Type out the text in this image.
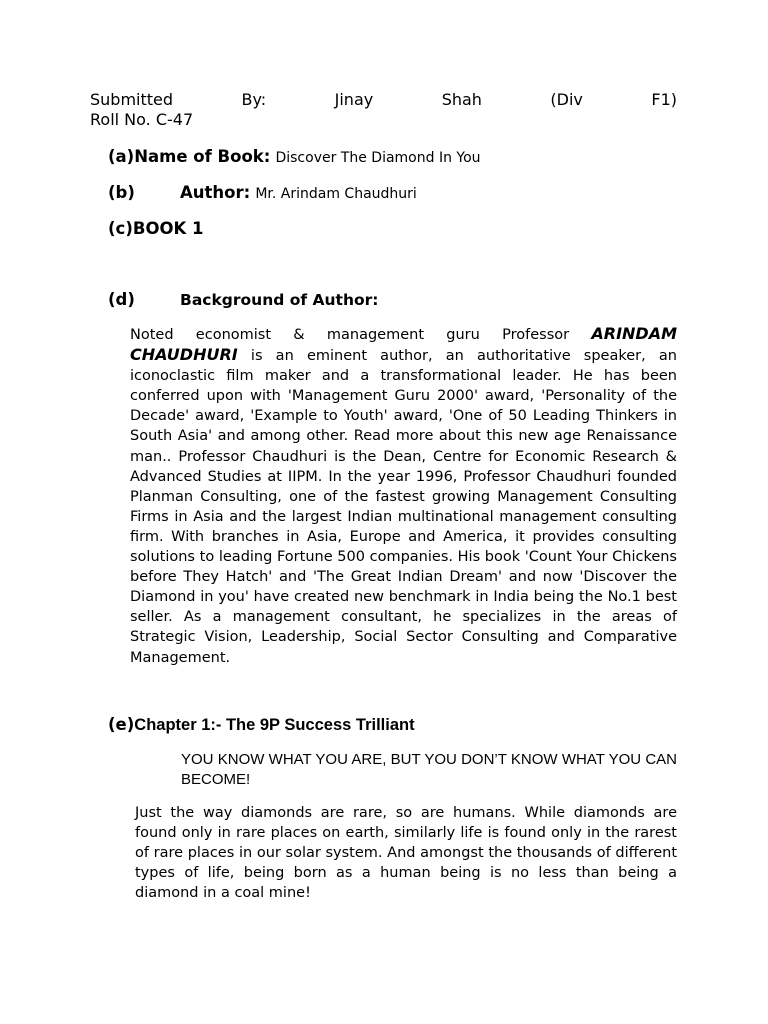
Submitted	By:	Jinay	Shah	(Div	F1)
Roll No. C-47
(a)Name of Book: Discover The Diamond In You
(b)	Author: Mr. Arindam Chaudhuri
(c)BOOK 1
(d)	Background of Author:
Noted economist & management guru Professor ARINDAM CHAUDHURI is an eminent author, an authoritative speaker, an iconoclastic film maker and a transformational leader. He has been conferred upon with 'Management Guru 2000' award, 'Personality of the Decade' award, 'Example to Youth' award, 'One of 50 Leading Thinkers in South Asia' and among other. Read more about this new age Renaissance man.. Professor Chaudhuri is the Dean, Centre for Economic Research & Advanced Studies at IIPM. In the year 1996, Professor Chaudhuri founded Planman Consulting, one of the fastest growing Management Consulting Firms in Asia and the largest Indian multinational management consulting firm. With branches in Asia, Europe and America, it provides consulting solutions to leading Fortune 500 companies. His book 'Count Your Chickens before They Hatch' and 'The Great Indian Dream' and now 'Discover the Diamond in you' have created new benchmark in India being the No.1 best seller. As a management consultant, he specializes in the areas of Strategic Vision, Leadership, Social Sector Consulting and Comparative Management.
(e)Chapter 1:- The 9P Success Trilliant
YOU KNOW WHAT YOU ARE, BUT YOU DON’T KNOW WHAT YOU CAN BECOME!
Just the way diamonds are rare, so are humans. While diamonds are found only in rare places on earth, similarly life is found only in the rarest of rare places in our solar system. And amongst the thousands of different types of life, being born as a human being is no less than being a diamond in a coal mine!
